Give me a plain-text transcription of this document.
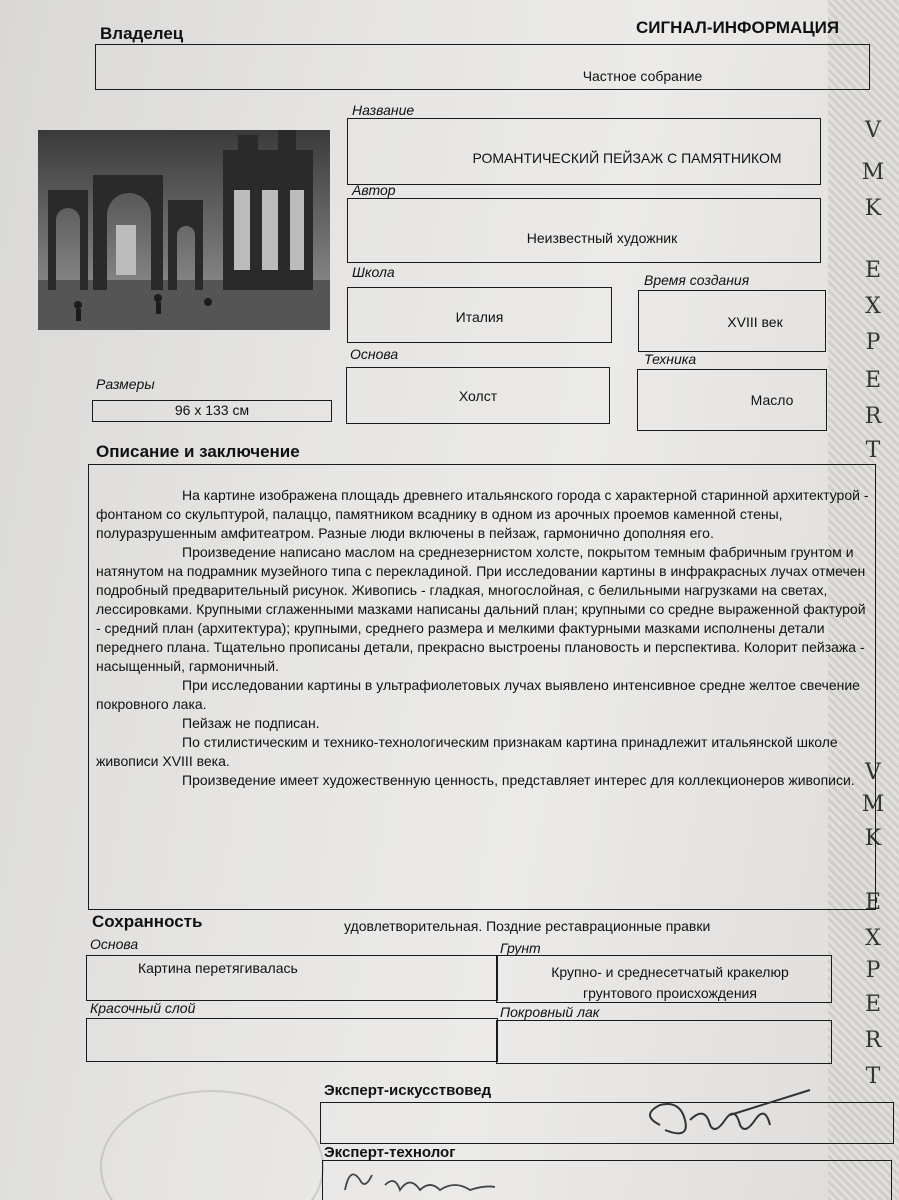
V
M
K
E
X
P
E
R
T
V
M
K
E
X
P
E
R
T
СИГНАЛ-ИНФОРМАЦИЯ
Владелец
Частное собрание
Название
РОМАНТИЧЕСКИЙ ПЕЙЗАЖ С ПАМЯТНИКОМ
Автор
Неизвестный художник
Школа
Италия
Время создания
XVIII век
Основа
Холст
Техника
Масло
Размеры
96 х 133 см
Описание и заключение

На картине изображена площадь древнего итальянского города с характерной старинной архитектурой - фонтаном со скульптурой, палаццо, памятником всаднику в одном из арочных проемов каменной стены, полуразрушенным амфитеатром. Разные люди включены в пейзаж, гармонично дополняя его.

Произведение написано маслом на среднезернистом холсте, покрытом темным фабричным грунтом и натянутом на подрамник музейного типа с перекладиной. При исследовании картины в инфракрасных лучах отмечен подробный предварительный рисунок. Живопись - гладкая, многослойная, с белильными нагрузками на светах, лессировками. Крупными сглаженными мазками написаны дальний план; крупными со средне выраженной фактурой - средний план (архитектура); крупными, среднего размера и мелкими фактурными мазками исполнены детали переднего плана. Тщательно прописаны детали, прекрасно выстроены плановость и перспектива. Колорит пейзажа - насыщенный, гармоничный.

При исследовании картины в ультрафиолетовых лучах выявлено интенсивное средне желтое свечение покровного лака.

Пейзаж не подписан.

По стилистическим и технико-технологическим признакам картина принадлежит итальянской школе живописи XVIII века.

Произведение имеет художественную ценность, представляет интерес для коллекционеров живописи.

Сохранность	удовлетворительная. Поздние реставрационные правки
Основа	Грунт
Картина перетягивалась	Крупно- и среднесетчатый кракелюр грунтового происхождения
Красочный слой	Покровный лак
Эксперт-искусствовед
Эксперт-технолог
